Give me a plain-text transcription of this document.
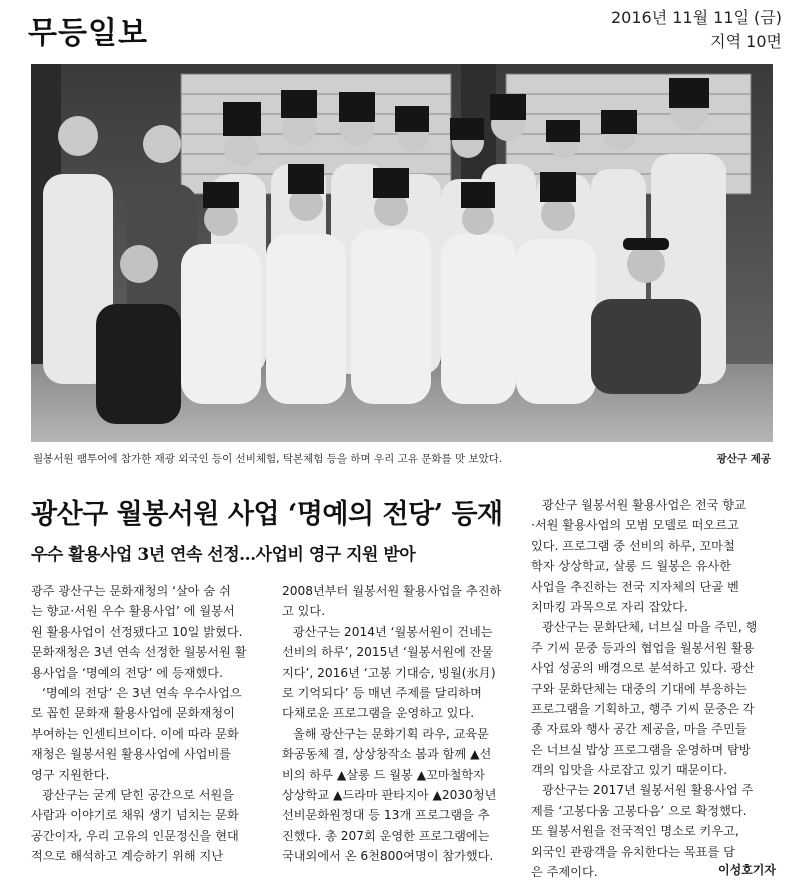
무등일보	2016년 11월 11일 (금)
지역 10면
월봉서원 팸투어에 참가한 재광 외국인 등이 선비체험, 탁본체험 등을 하며 우리 고유 문화를 맛 보았다.	광산구 제공
광산구 월봉서원 사업 ‘명예의 전당’ 등재
우수 활용사업 3년 연속 선정…사업비 영구 지원 받아
광주 광산구는 문화재청의 ‘살아 숨 쉬
는 향교·서원 우수 활용사업’ 에 월봉서
원 활용사업이 선정됐다고 10일 밝혔다.
문화재청은 3년 연속 선정한 월봉서원 활
용사업을 ‘명예의 전당’ 에 등재했다.
‘명예의 전당’ 은 3년 연속 우수사업으
로 꼽힌 문화재 활용사업에 문화재청이
부여하는 인센티브이다. 이에 따라 문화
재청은 월봉서원 활용사업에 사업비를
영구 지원한다.
광산구는 굳게 닫힌 공간으로 서원을
사람과 이야기로 채워 생기 넘치는 문화
공간이자, 우리 고유의 인문정신을 현대
적으로 해석하고 계승하기 위해 지난
2008년부터 월봉서원 활용사업을 추진하
고 있다.
광산구는 2014년 ‘월봉서원이 건네는
선비의 하루’, 2015년 ‘월봉서원에 잔물
지다’, 2016년 ‘고봉 기대승, 빙월(氷月)
로 기억되다’ 등 매년 주제를 달리하며
다채로운 프로그램을 운영하고 있다.
올해 광산구는 문화기획 라우, 교육문
화공동체 결, 상상창작소 봄과 함께 ▲선
비의 하루 ▲살롱 드 월봉 ▲꼬마철학자
상상학교 ▲드라마 판타지아 ▲2030청년
선비문화원정대 등 13개 프로그램을 추
진했다. 총 207회 운영한 프로그램에는
국내외에서 온 6천800여명이 참가했다.
광산구 월봉서원 활용사업은 전국 향교
·서원 활용사업의 모범 모델로 떠오르고
있다. 프로그램 중 선비의 하루, 꼬마철
학자 상상학교, 살롱 드 월봉은 유사한
사업을 추진하는 전국 지자체의 단골 벤
치마킹 과목으로 자리 잡았다.
광산구는 문화단체, 너브실 마을 주민, 행
주 기씨 문중 등과의 협업을 월봉서원 활용
사업 성공의 배경으로 분석하고 있다. 광산
구와 문화단체는 대중의 기대에 부응하는
프로그램을 기획하고, 행주 기씨 문중은 각
종 자료와 행사 공간 제공을, 마을 주민들
은 너브실 밥상 프로그램을 운영하며 탐방
객의 입맛을 사로잡고 있기 때문이다.
광산구는 2017년 월봉서원 활용사업 주
제를 ‘고봉다움 고봉다음’ 으로 확정했다.
또 월봉서원을 전국적인 명소로 키우고,
외국인 관광객을 유치한다는 목표를 담
은 주제이다.	이성호기자
